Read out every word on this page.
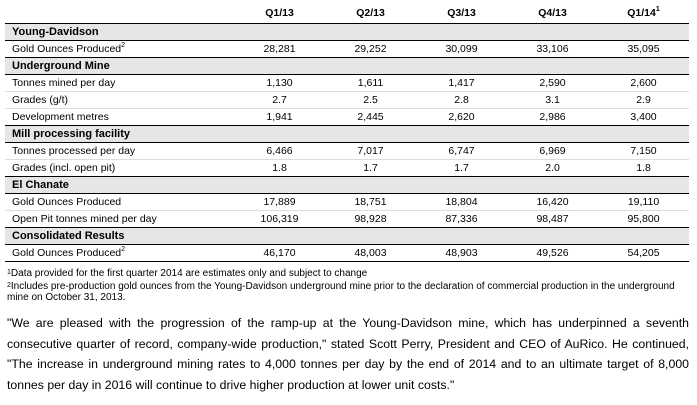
	Q1/13	Q2/13	Q3/13	Q4/13	$Q1/14^1$
Young-Davidson					
Gold Ounces Produced$^2$	28,281	29,252	30,099	33,106	35,095
Underground Mine					
Tonnes mined per day	1,130	1,611	1,417	2,590	2,600
Grades (g/t)	2.7	2.5	2.8	3.1	2.9
Development metres	1,941	2,445	2,620	2,986	3,400
Mill processing facility					
Tonnes processed per day	6,466	7,017	6,747	6,969	7,150
Grades (incl. open pit)	1.8	1.7	1.7	2.0	1.8
El Chanate					
Gold Ounces Produced	17,889	18,751	18,804	16,420	19,110
Open Pit tonnes mined per day	106,319	98,928	87,336	98,487	95,800
Consolidated Results					
Gold Ounces Produced$^2$	46,170	48,003	48,903	49,526	54,205

$^1$Data provided for the first quarter 2014 are estimates only and subject to change

$^2$Includes pre-production gold ounces from the Young-Davidson underground mine prior to the declaration of commercial production in the underground mine on October 31, 2013.

"We are pleased with the progression of the ramp-up at the Young-Davidson mine, which has underpinned a seventh consecutive quarter of record, company-wide production," stated Scott Perry, President and CEO of AuRico. He continued, "The increase in underground mining rates to 4,000 tonnes per day by the end of 2014 and to an ultimate target of 8,000 tonnes per day in 2016 will continue to drive higher production at lower unit costs."
